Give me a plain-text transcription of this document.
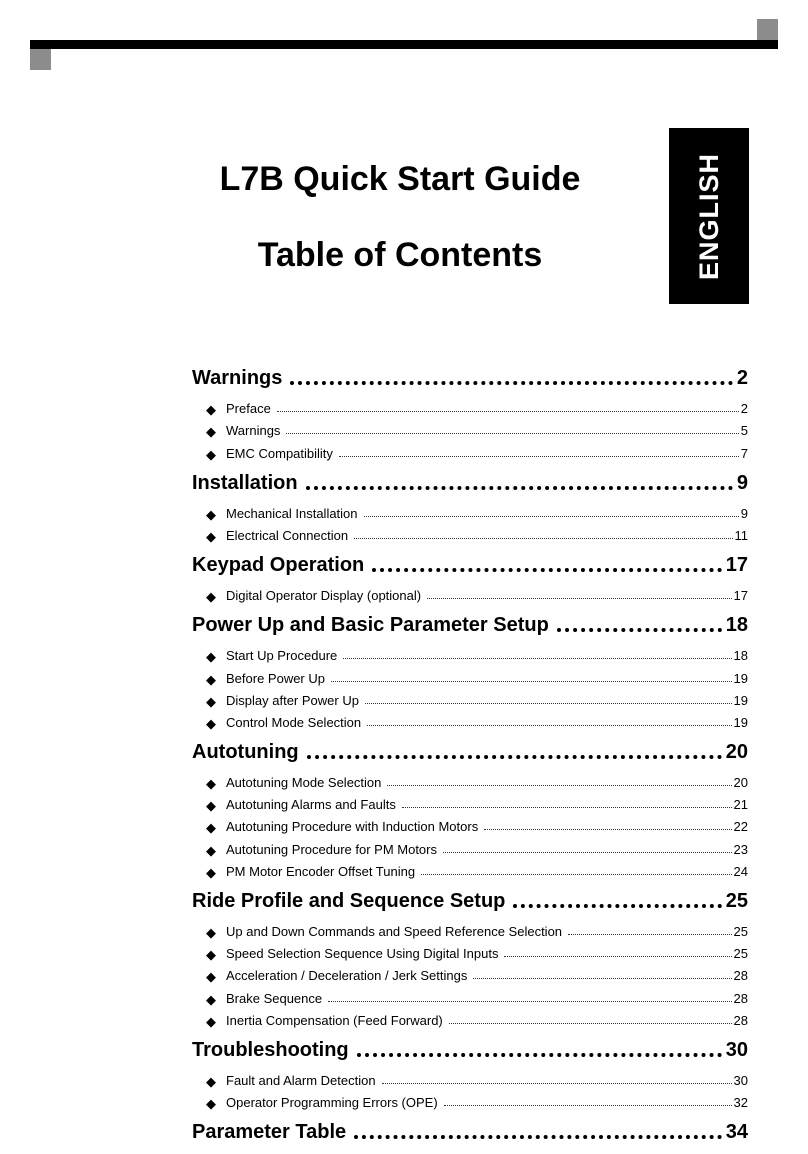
ENGLISH
L7B Quick Start Guide
Table of Contents
Warnings	2
◆ Preface	2
◆ Warnings	5
◆ EMC Compatibility	7
Installation	9
◆ Mechanical Installation	9
◆ Electrical Connection	11
Keypad Operation	17
◆ Digital Operator Display (optional)	17
Power Up and Basic Parameter Setup	18
◆ Start Up Procedure	18
◆ Before Power Up	19
◆ Display after Power Up	19
◆ Control Mode Selection	19
Autotuning	20
◆ Autotuning Mode Selection	20
◆ Autotuning Alarms and Faults	21
◆ Autotuning Procedure with Induction Motors	22
◆ Autotuning Procedure for PM Motors	23
◆ PM Motor Encoder Offset Tuning	24
Ride Profile and Sequence Setup	25
◆ Up and Down Commands and Speed Reference Selection	25
◆ Speed Selection Sequence Using Digital Inputs	25
◆ Acceleration / Deceleration / Jerk Settings	28
◆ Brake Sequence	28
◆ Inertia Compensation (Feed Forward)	28
Troubleshooting	30
◆ Fault and Alarm Detection	30
◆ Operator Programming Errors (OPE)	32
Parameter Table	34
